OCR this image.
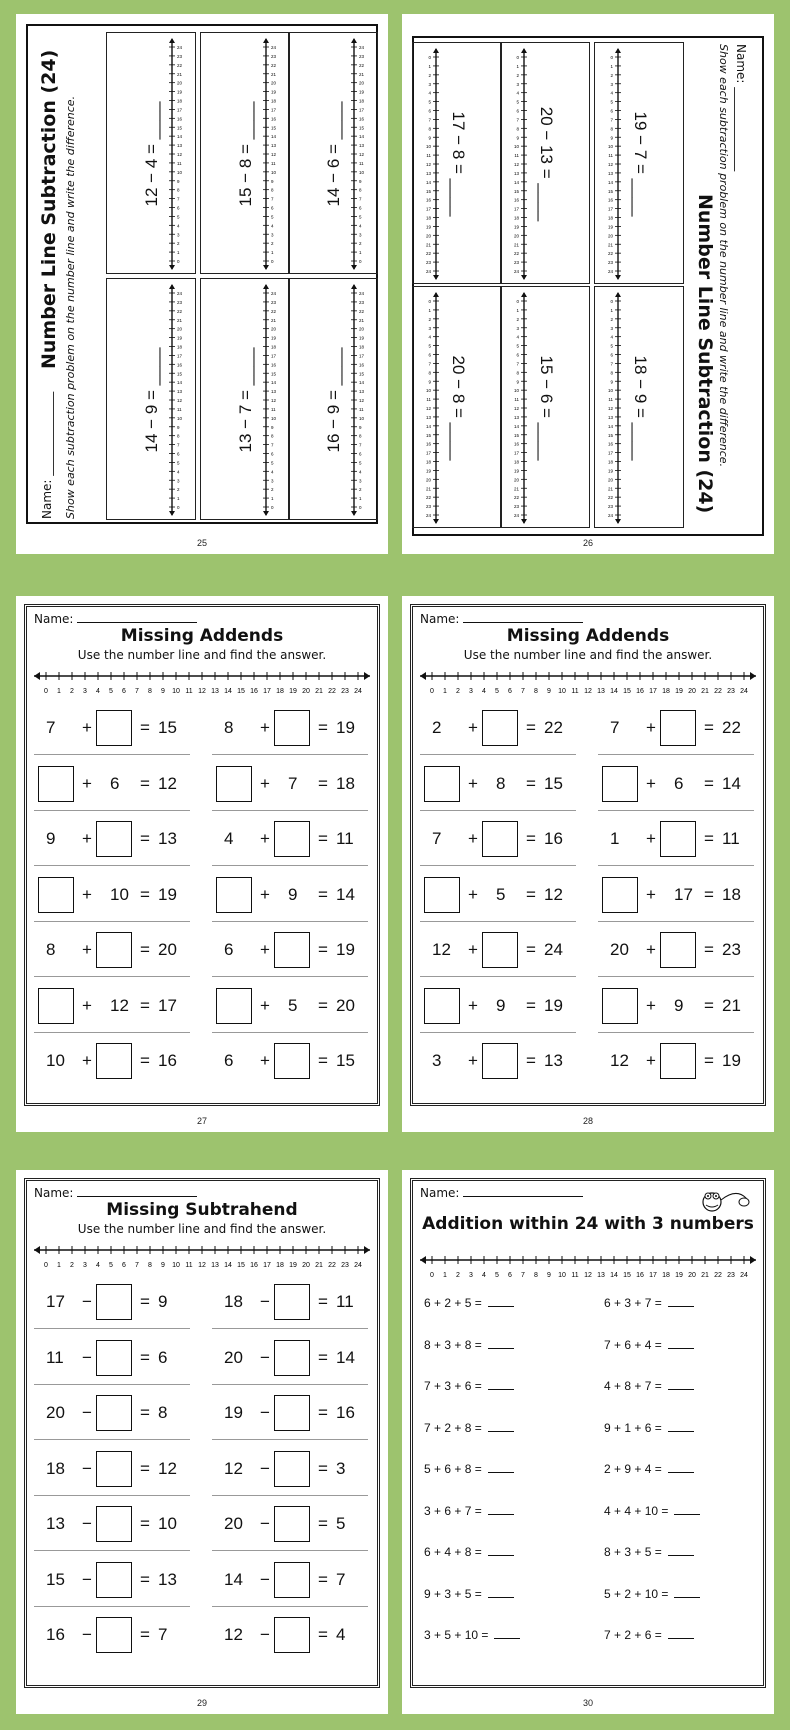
Name: ______________
Number Line Subtraction (24) Show each subtraction problem on the number line and write the difference.	0
1
2
3
4
5
6
7
8
9
10
11
12
13
14
15
16
17
18
19
20
21
22
23
24
12 − 4 = ____
0
1
2
3
4
5
6
7
8
9
10
11
12
13
14
15
16
17
18
19
20
21
22
23
24
15 − 8 = ____
0
1
2
3
4
5
6
7
8
9
10
11
12
13
14
15
16
17
18
19
20
21
22
23
24
14 − 6 = ____
0
1
2
3
4
5
6
7
8
9
10
11
12
13
14
15
16
17
18
19
20
21
22
23
24
14 − 9 = ____
0
1
2
3
4
5
6
7
8
9
10
11
12
13
14
15
16
17
18
19
20
21
22
23
24
13 − 7 = ____
0
1
2
3
4
5
6
7
8
9
10
11
12
13
14
15
16
17
18
19
20
21
22
23
24
16 − 9 = ____
25
Name: ______________
Show each subtraction problem on the number line and write the difference.
Number Line Subtraction (24)
0
1
2
3
4
5
6
7
8
9
10
11
12
13
14
15
16
17
18
19
20
21
22
23
24
17 − 8 = ____
0
1
2
3
4
5
6
7
8
9
10
11
12
13
14
15
16
17
18
19
20
21
22
23
24
20 − 13 = ____
0
1
2
3
4
5
6
7
8
9
10
11
12
13
14
15
16
17
18
19
20
21
22
23
24
19 − 7 = ____
0
1
2
3
4
5
6
7
8
9
10
11
12
13
14
15
16
17
18
19
20
21
22
23
24
20 − 8 = ____
0
1
2
3
4
5
6
7
8
9
10
11
12
13
14
15
16
17
18
19
20
21
22
23
24
15 − 6 = ____
0
1
2
3
4
5
6
7
8
9
10
11
12
13
14
15
16
17
18
19
20
21
22
23
24
18 − 9 = ____
26
Name:
Missing Addends
Use the number line and find the answer.
0 1 2 3 4 5 6 7 8 9 10 11 12 13 14 15 16 17 18 19 20 21 22 23 24
7 +	= 15
+ 6 = 12
9 +	= 13
+ 10 = 19
8 +	= 20
+ 12 = 17
10 +	= 16
8 +	= 19
+ 7 = 18
4 +	= 11
+ 9 = 14
6 +	= 19
+ 5 = 20
6 +	= 15
27
Name:
Missing Addends
Use the number line and find the answer.
0 1 2 3 4 5 6 7 8 9 10 11 12 13 14 15 16 17 18 19 20 21 22 23 24
2 +	= 22
+ 8 = 15
7 +	= 16
+ 5 = 12
12 +	= 24
+ 9 = 19
3 +	= 13
7 +	= 22
+ 6 = 14
1 +	= 11
+ 17 = 18
20 +	= 23
+ 9 = 21
12 +	= 19
28
Name:
Missing Subtrahend
Use the number line and find the answer.
0 1 2 3 4 5 6 7 8 9 10 11 12 13 14 15 16 17 18 19 20 21 22 23 24
17 −	= 9
11 −	= 6
20 −	= 8
18 −	= 12
13 −	= 10
15 −	= 13
16 −	= 7
18 −	= 11
20 −	= 14
19 −	= 16
12 −	= 3
20 −	= 5
14 −	= 7
12 −	= 4
29
Name:
Addition within 24 with 3 numbers
0 1 2 3 4 5 6 7 8 9 10 11 12 13 14 15 16 17 18 19 20 21 22 23 24
6 + 2 + 5 =
8 + 3 + 8 =
7 + 3 + 6 =
7 + 2 + 8 =
5 + 6 + 8 =
3 + 6 + 7 =
6 + 4 + 8 =
9 + 3 + 5 =
3 + 5 + 10 =
6 + 3 + 7 =
7 + 6 + 4 =
4 + 8 + 7 =
9 + 1 + 6 =
2 + 9 + 4 =
4 + 4 + 10 =
8 + 3 + 5 =
5 + 2 + 10 =
7 + 2 + 6 =
30
